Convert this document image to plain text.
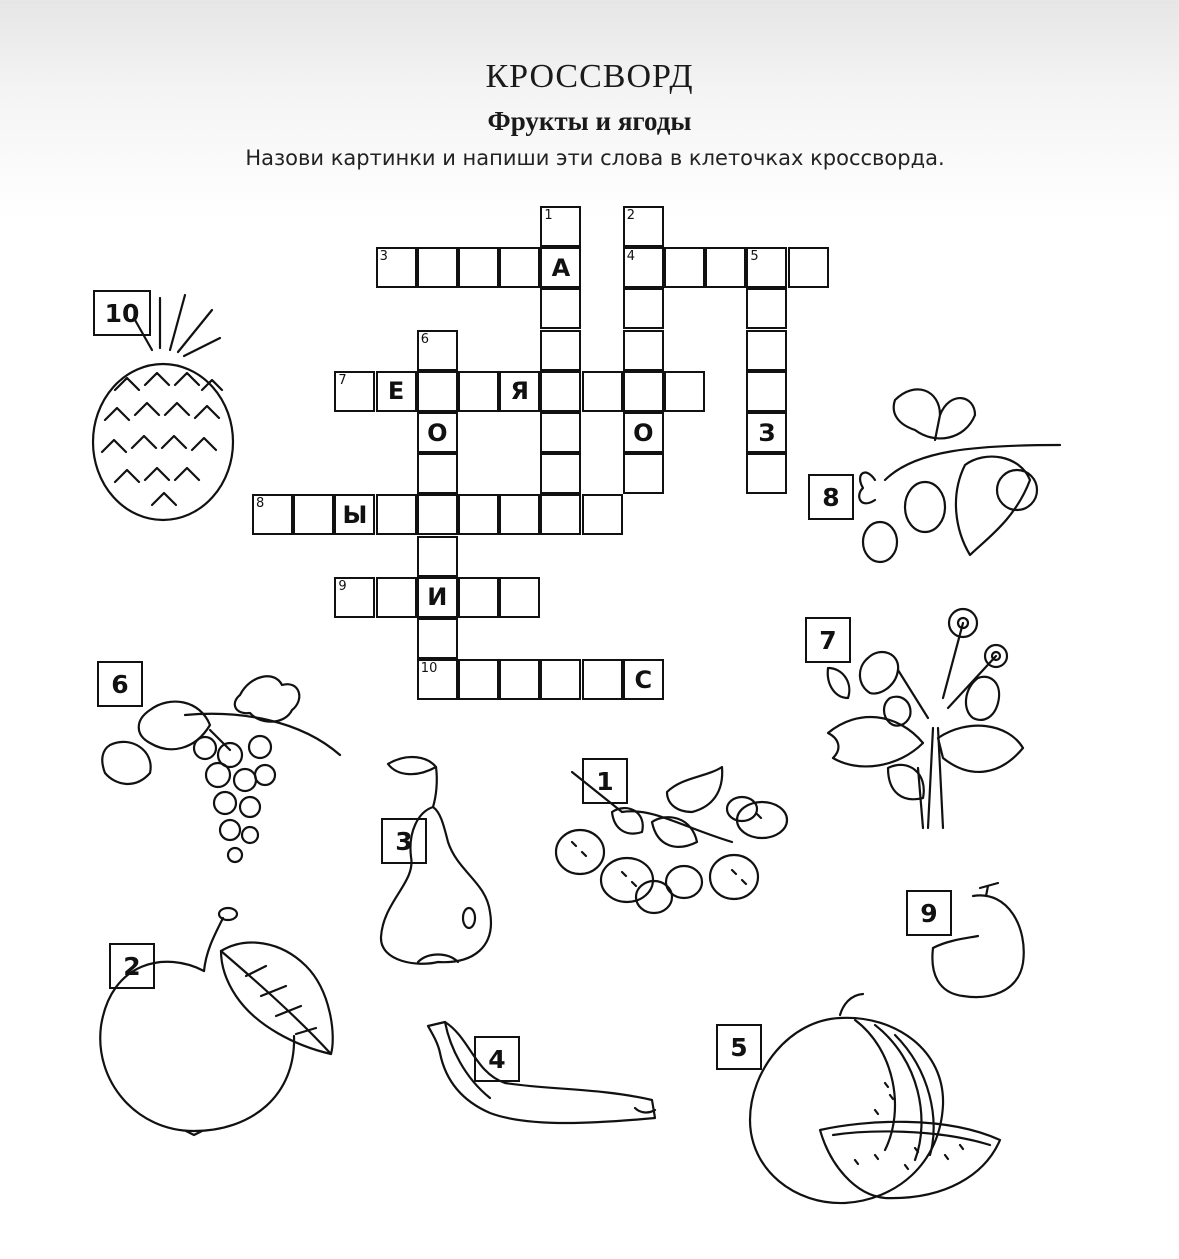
КРОССВОРД
Фрукты и ягоды
Назови картинки и напиши эти слова в клеточках кроссворда.
3	4	5
7 Е	Я
8	Ы
9	И
10	С
1
А
2
О	З
6
О
10
8
7
6
3
1
2
9
4	5
